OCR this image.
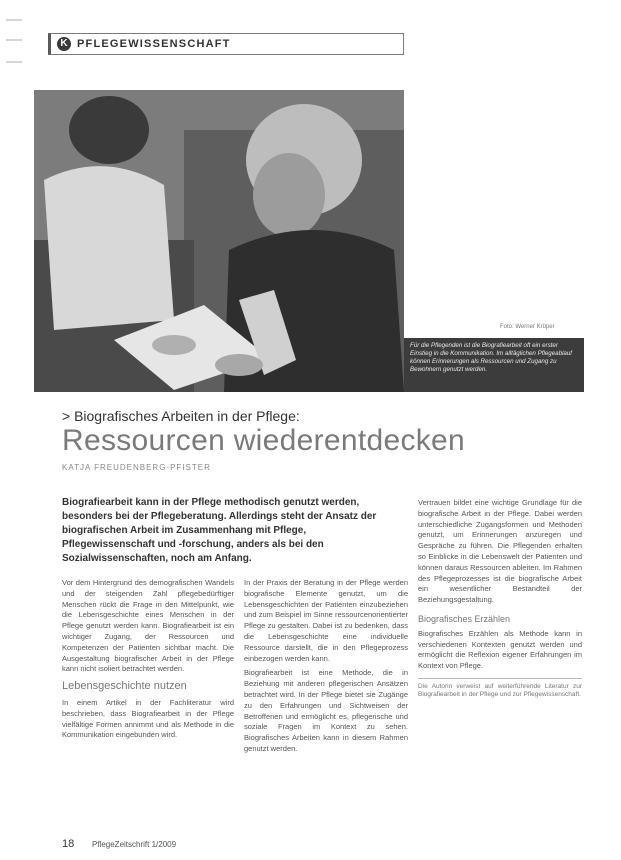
K PFLEGEWISSENSCHAFT
Foto: Werner Krüper
Für die Pflegenden ist die Biografiearbeit oft ein erster Einstieg in die Kommunikation. Im alltäglichen Pflegeablauf können Erinnerungen als Ressourcen und Zugang zu Bewohnern genutzt werden.
> Biografisches Arbeiten in der Pflege:
Ressourcen wiederentdecken
KATJA FREUDENBERG-PFISTER
Biografiearbeit kann in der Pflege methodisch genutzt werden, besonders bei der Pflegeberatung. Allerdings steht der Ansatz der biografischen Arbeit im Zusammenhang mit Pflege, Pflegewissenschaft und -forschung, anders als bei den Sozialwissenschaften, noch am Anfang.

Vor dem Hintergrund des demografischen Wandels und der steigenden Zahl pflegebedürftiger Menschen rückt die Frage in den Mittelpunkt, wie die Lebensgeschichte eines Menschen in der Pflege genutzt werden kann. Biografiearbeit ist ein wichtiger Zugang, der Ressourcen und Kompetenzen der Patienten sichtbar macht. Die Ausgestaltung biografischer Arbeit in der Pflege kann nicht isoliert betrachtet werden.

Lebensgeschichte nutzen

In einem Artikel in der Fachliteratur wird beschrieben, dass Biografiearbeit in der Pflege vielfältige Formen annimmt und als Methode in die Kommunikation eingebunden wird.

In der Praxis der Beratung in der Pflege werden biografische Elemente genutzt, um die Lebensgeschichten der Patienten einzubeziehen und zum Beispiel im Sinne ressourcenorientierter Pflege zu gestalten. Dabei ist zu bedenken, dass die Lebensgeschichte eine individuelle Ressource darstellt, die in den Pflegeprozess einbezogen werden kann.

Biografiearbeit ist eine Methode, die in Beziehung mit anderen pflegerischen Ansätzen betrachtet wird. In der Pflege bietet sie Zugänge zu den Erfahrungen und Sichtweisen der Betroffenen und ermöglicht es, pflegerische und soziale Fragen im Kontext zu sehen. Biografisches Arbeiten kann in diesem Rahmen genutzt werden.

Vertrauen bildet eine wichtige Grundlage für die biografische Arbeit in der Pflege. Dabei werden unterschiedliche Zugangsformen und Methoden genutzt, um Erinnerungen anzuregen und Gespräche zu führen. Die Pflegenden erhalten so Einblicke in die Lebenswelt der Patienten und können daraus Ressourcen ableiten. Im Rahmen des Pflegeprozesses ist die biografische Arbeit ein wesentlicher Bestandteil der Beziehungsgestaltung.

Biografisches Erzählen

Biografisches Erzählen als Methode kann in verschiedenen Kontexten genutzt werden und ermöglicht die Reflexion eigener Erfahrungen im Kontext von Pflege.

Die Autorin verweist auf weiterführende Literatur zur Biografiearbeit in der Pflege und zur Pflegewissenschaft.
18 PflegeZeitschrift 1/2009
